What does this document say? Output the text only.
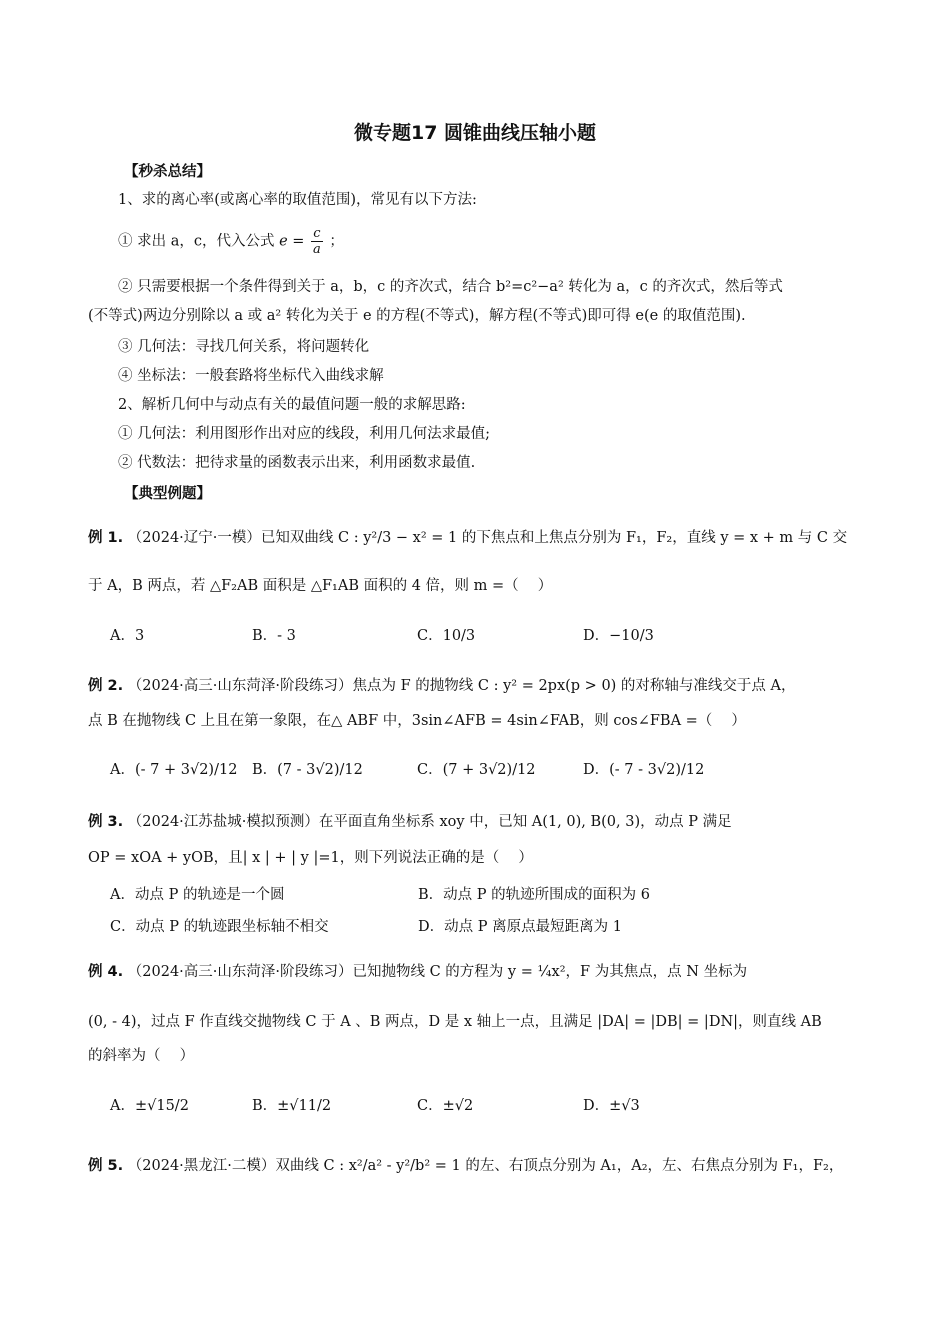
微专题17 圆锥曲线压轴小题
【秒杀总结】
1、求的离心率(或离心率的取值范围)，常见有以下方法:
① 求出 a，c，代入公式 $e = \frac{c}{a}$ ；
② 只需要根据一个条件得到关于 a，b，c 的齐次式，结合 b²=c²−a² 转化为 a，c 的齐次式，然后等式
(不等式)两边分别除以 a 或 a² 转化为关于 e 的方程(不等式)，解方程(不等式)即可得 e(e 的取值范围).
③ 几何法：寻找几何关系，将问题转化
④ 坐标法：一般套路将坐标代入曲线求解
2、解析几何中与动点有关的最值问题一般的求解思路:
① 几何法：利用图形作出对应的线段，利用几何法求最值;
② 代数法：把待求量的函数表示出来，利用函数求最值.
【典型例题】
例 1. （2024·辽宁·一模）已知双曲线 C : y²/3 − x² = 1 的下焦点和上焦点分别为 F₁，F₂，直线 y = x + m 与 C 交
于 A，B 两点，若 △F₂AB 面积是 △F₁AB 面积的 4 倍，则 m =（　 ）
A．3	B．- 3	C．10/3	D．−10/3
例 2. （2024·高三·山东菏泽·阶段练习）焦点为 F 的抛物线 C : y² = 2px(p > 0) 的对称轴与准线交于点 A，
点 B 在抛物线 C 上且在第一象限，在△ ABF 中，3sin∠AFB = 4sin∠FAB，则 cos∠FBA =（　 ）
A．(- 7 + 3√2)/12 B．(7 - 3√2)/12	C．(7 + 3√2)/12	D．(- 7 - 3√2)/12
例 3. （2024·江苏盐城·模拟预测）在平面直角坐标系 xoy 中，已知 A(1, 0), B(0, 3)，动点 P 满足
OP = xOA + yOB，且| x | + | y |=1，则下列说法正确的是（　 ）
A．动点 P 的轨迹是一个圆	B．动点 P 的轨迹所围成的面积为 6
C．动点 P 的轨迹跟坐标轴不相交	D．动点 P 离原点最短距离为 1
例 4. （2024·高三·山东菏泽·阶段练习）已知抛物线 C 的方程为 y = ¼x²，F 为其焦点，点 N 坐标为
(0, - 4)，过点 F 作直线交抛物线 C 于 A 、B 两点，D 是 x 轴上一点，且满足 |DA| = |DB| = |DN|，则直线 AB
的斜率为（　 ）
A．±√15/2	B．±√11/2	C．±√2	D．±√3
例 5. （2024·黑龙江·二模）双曲线 C : x²/a² - y²/b² = 1 的左、右顶点分别为 A₁，A₂，左、右焦点分别为 F₁，F₂，
